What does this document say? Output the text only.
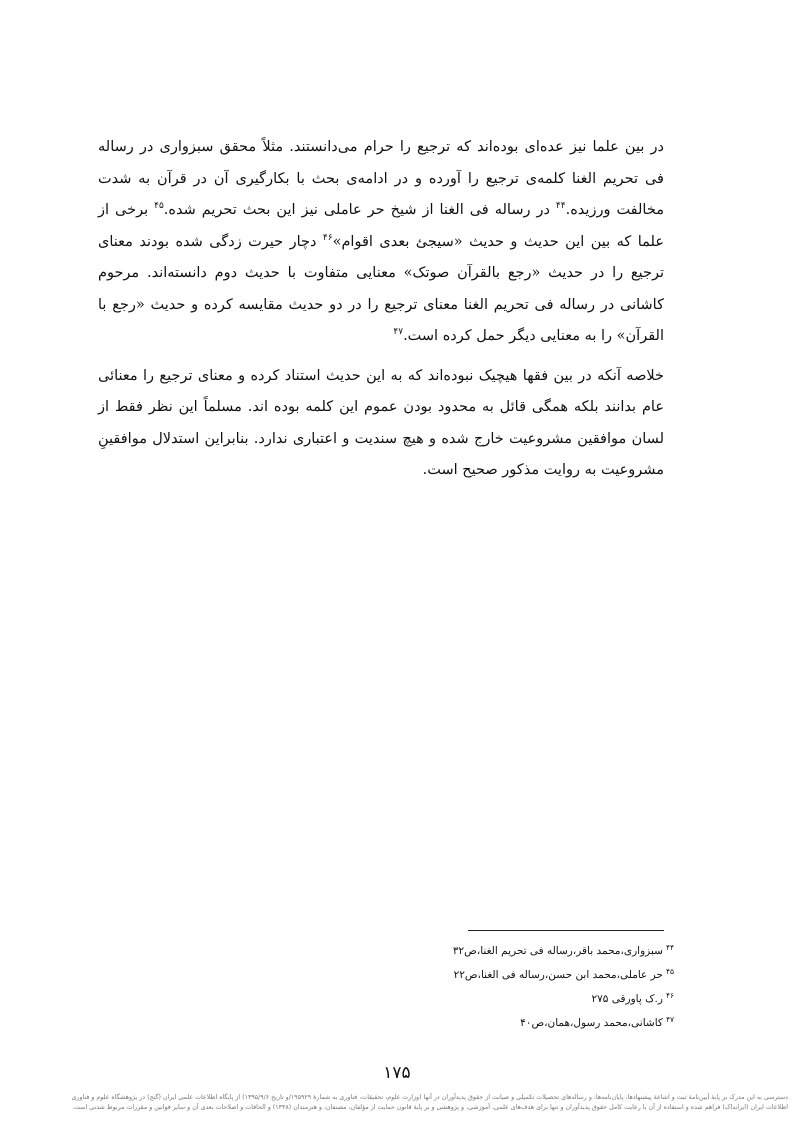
در بین علما نیز عده‌ای بوده‌اند که ترجیع را حرام می‌دانستند. مثلاً محقق سبزواری در رساله فی تحریم الغنا کلمه‌ی ترجیع را آورده و در ادامه‌ی بحث با بکارگیری آن در قرآن به شدت مخالفت ورزیده.$^{۴۴}$ در رساله فی الغنا از شیخ حر عاملی نیز این بحث تحریم شده.$^{۴۵}$ برخی از علما که بین این حدیث و حدیث «سیجئ بعدی اقوام»$^{۴۶}$ دچار حیرت زدگی شده بودند معنای ترجیع را در حدیث «رجع بالقرآن صوتک» معنایی متفاوت با حدیث دوم دانسته‌اند. مرحوم کاشانی در رساله فی تحریم الغنا معنای ترجیع را در دو حدیث مقایسه کرده و حدیث «رجع با القرآن» را به معنایی دیگر حمل کرده است.$^{۴۷}$

خلاصه آنکه در بین فقها هیچیک نبوده‌اند که به این حدیث استناد کرده و معنای ترجیع را معنائی عام بدانند بلکه همگی قائل به محدود بودن عموم این کلمه بوده اند. مسلماً این نظر فقط از لسان موافقین مشروعیت خارج شده و هیچ سندیت و اعتباری ندارد. بنابراین استدلال موافقینِ مشروعیت به روایت مذکور صحیح است.

$^{۴۴}$سبزواری،محمد باقر،رساله فی تحریم الغنا،ص۳۲
$^{۴۵}$حر عاملی،محمد ابن حسن،رساله فی الغنا،ص۲۲
$^{۴۶}$ر.ک پاورقی ۲۷۵
$^{۴۷}$کاشانی،محمد رسول،همان،ص۴۰
۱۷۵
دسترسی به این مدرک بر پایهٔ آیین‌نامهٔ ثبت و اشاعهٔ پیشنهادها، پایان‌نامه‌ها، و رساله‌های تحصیلات تکمیلی و صیانت از حقوق پدیدآوران در آنها (وزارت علوم، تحقیقات، فناوری به شمارهٔ ۱۹۵۹۲۹/و تاریخ ۱۳۹۵/۹/۶) از پایگاه اطلاعات علمی ایران (گنج) در پژوهشگاه علوم و فناوری
اطلاعات ایران (ایرانداک) فراهم شده و استفاده از آن با رعایت کامل حقوق پدیدآوران و تنها برای هدف‌های علمی، آموزشی، و پژوهشی و بر پایهٔ قانون حمایت از مؤلفان، مصنفان، و هنرمندان (۱۳۴۸) و الحاقات و اصلاحات بعدی آن و سایر قوانین و مقررات مربوط شدنی است.
